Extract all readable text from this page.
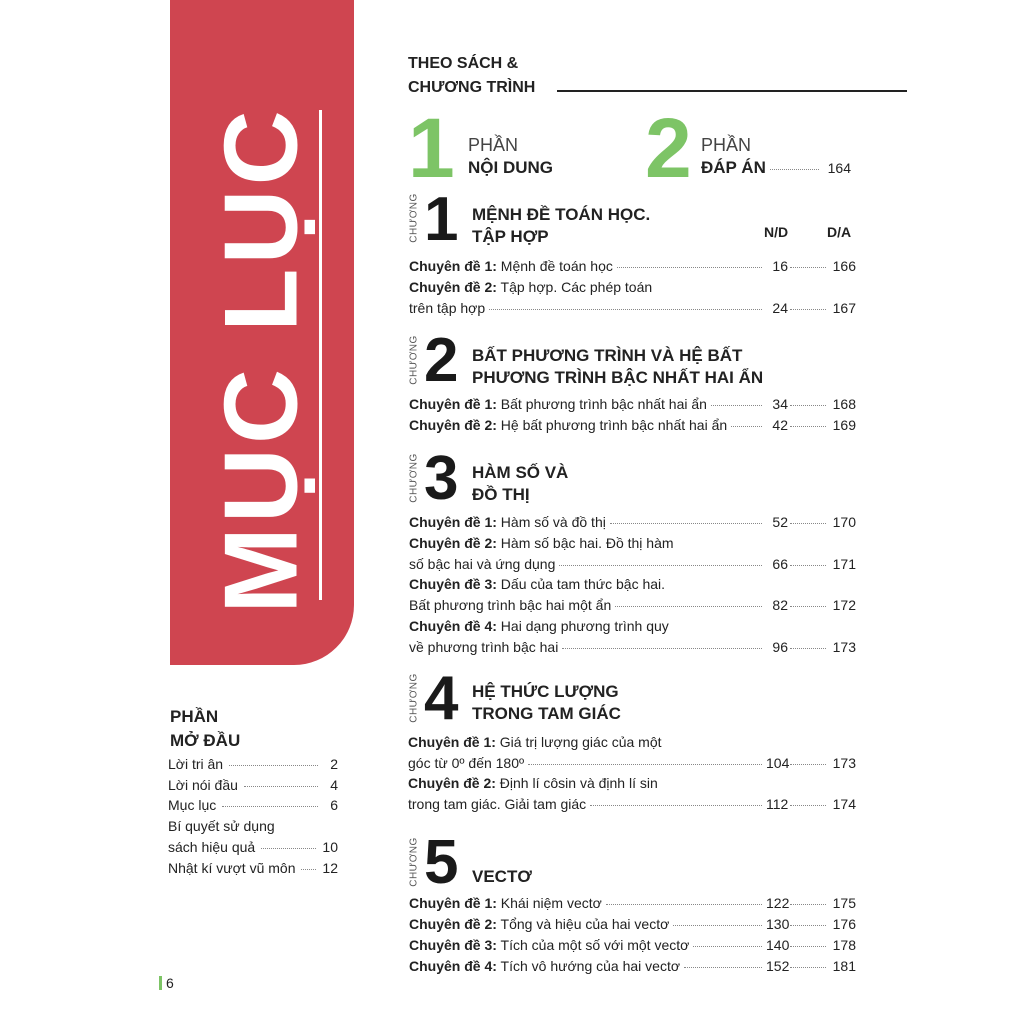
MỤC LỤC
PHẦN
MỞ ĐẦU
Lời tri ân	2
Lời nói đầu	4
Mục lục	6
Bí quyết sử dụng
sách hiệu quả	10
Nhật kí vượt vũ môn 12
THEO SÁCH &
CHƯƠNG TRÌNH
1 PHẦN
NỘI DUNG 2 PHẦN
ĐÁP ÁN	164
N/D	D/A
CHƯƠNG 1 MỆNH ĐỀ TOÁN HỌC.
TẬP HỢP
Chuyên đề 1: Mệnh đề toán học	16	166
Chuyên đề 2: Tập hợp. Các phép toán
trên tập hợp	24	167
CHƯƠNG 2 BẤT PHƯƠNG TRÌNH VÀ HỆ BẤT
PHƯƠNG TRÌNH BẬC NHẤT HAI ẨN
Chuyên đề 1: Bất phương trình bậc nhất hai ẩn	34	168
Chuyên đề 2: Hệ bất phương trình bậc nhất hai ẩn	42	169
CHƯƠNG 3 HÀM SỐ VÀ
ĐỒ THỊ
Chuyên đề 1: Hàm số và đồ thị	52	170
Chuyên đề 2: Hàm số bậc hai. Đồ thị hàm
số bậc hai và ứng dụng	66	171
Chuyên đề 3: Dấu của tam thức bậc hai.
Bất phương trình bậc hai một ẩn	82	172
Chuyên đề 4: Hai dạng phương trình quy
về phương trình bậc hai	96	173
CHƯƠNG 4 HỆ THỨC LƯỢNG
TRONG TAM GIÁC
Chuyên đề 1: Giá trị lượng giác của một
góc từ 0º đến 180º	104	173
Chuyên đề 2: Định lí côsin và định lí sin
trong tam giác. Giải tam giác	112	174
CHƯƠNG 5 VECTƠ
Chuyên đề 1: Khái niệm vectơ	122	175
Chuyên đề 2: Tổng và hiệu của hai vectơ	130	176
Chuyên đề 3: Tích của một số với một vectơ	140	178
Chuyên đề 4: Tích vô hướng của hai vectơ	152	181
6
